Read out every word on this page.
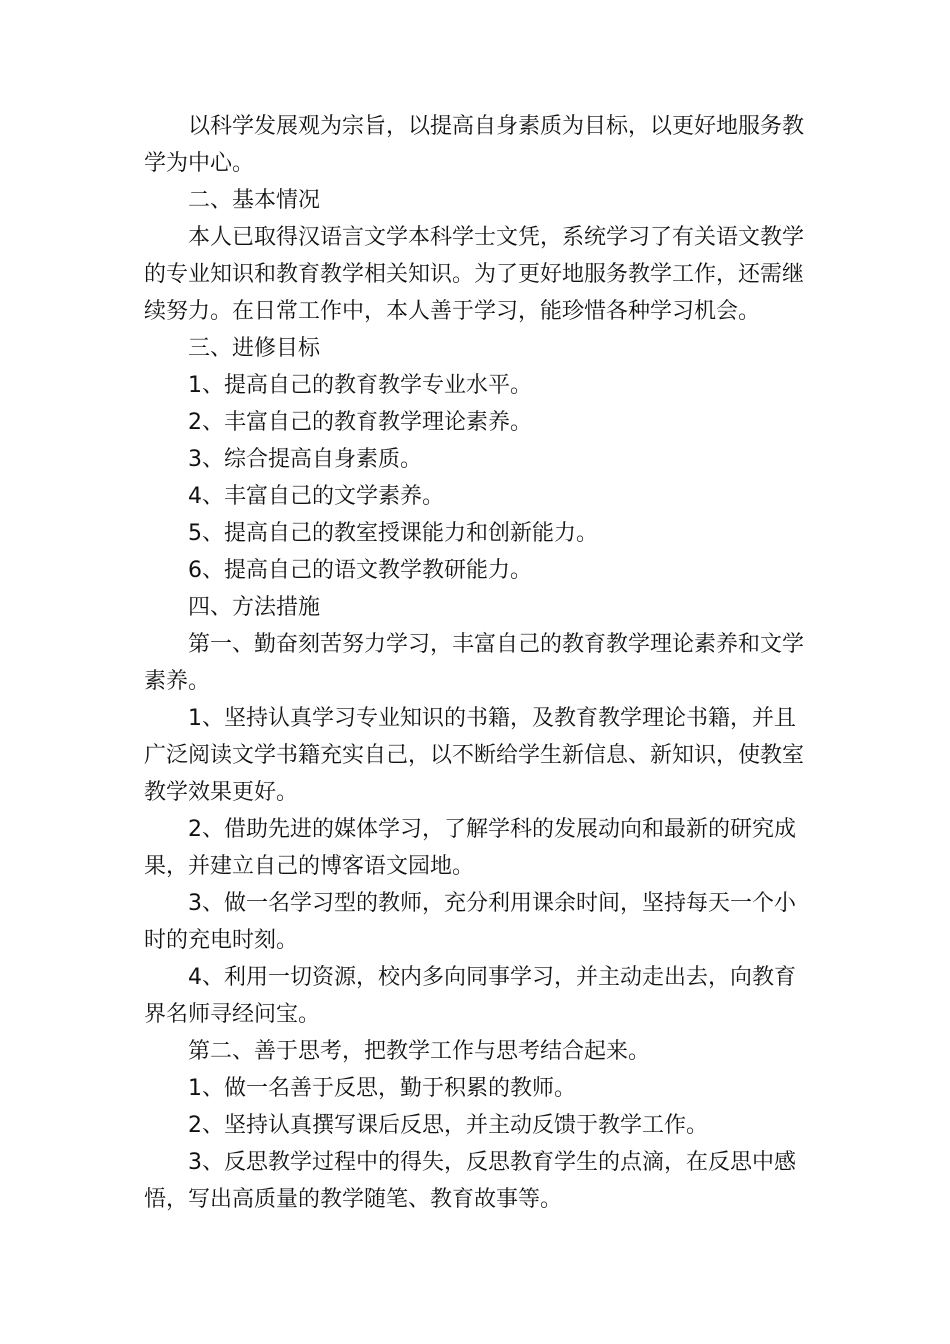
以科学发展观为宗旨，以提高自身素质为目标，以更好地服务教学为中心。

二、基本情况

本人已取得汉语言文学本科学士文凭，系统学习了有关语文教学的专业知识和教育教学相关知识。为了更好地服务教学工作，还需继续努力。在日常工作中，本人善于学习，能珍惜各种学习机会。

三、进修目标

1、提高自己的教育教学专业水平。

2、丰富自己的教育教学理论素养。

3、综合提高自身素质。

4、丰富自己的文学素养。

5、提高自己的教室授课能力和创新能力。

6、提高自己的语文教学教研能力。

四、方法措施

第一、勤奋刻苦努力学习，丰富自己的教育教学理论素养和文学素养。

1、坚持认真学习专业知识的书籍，及教育教学理论书籍，并且广泛阅读文学书籍充实自己，以不断给学生新信息、新知识，使教室教学效果更好。

2、借助先进的媒体学习，了解学科的发展动向和最新的研究成果，并建立自己的博客语文园地。

3、做一名学习型的教师，充分利用课余时间，坚持每天一个小时的充电时刻。

4、利用一切资源，校内多向同事学习，并主动走出去，向教育界名师寻经问宝。

第二、善于思考，把教学工作与思考结合起来。

1、做一名善于反思，勤于积累的教师。

2、坚持认真撰写课后反思，并主动反馈于教学工作。

3、反思教学过程中的得失，反思教育学生的点滴，在反思中感悟，写出高质量的教学随笔、教育故事等。
